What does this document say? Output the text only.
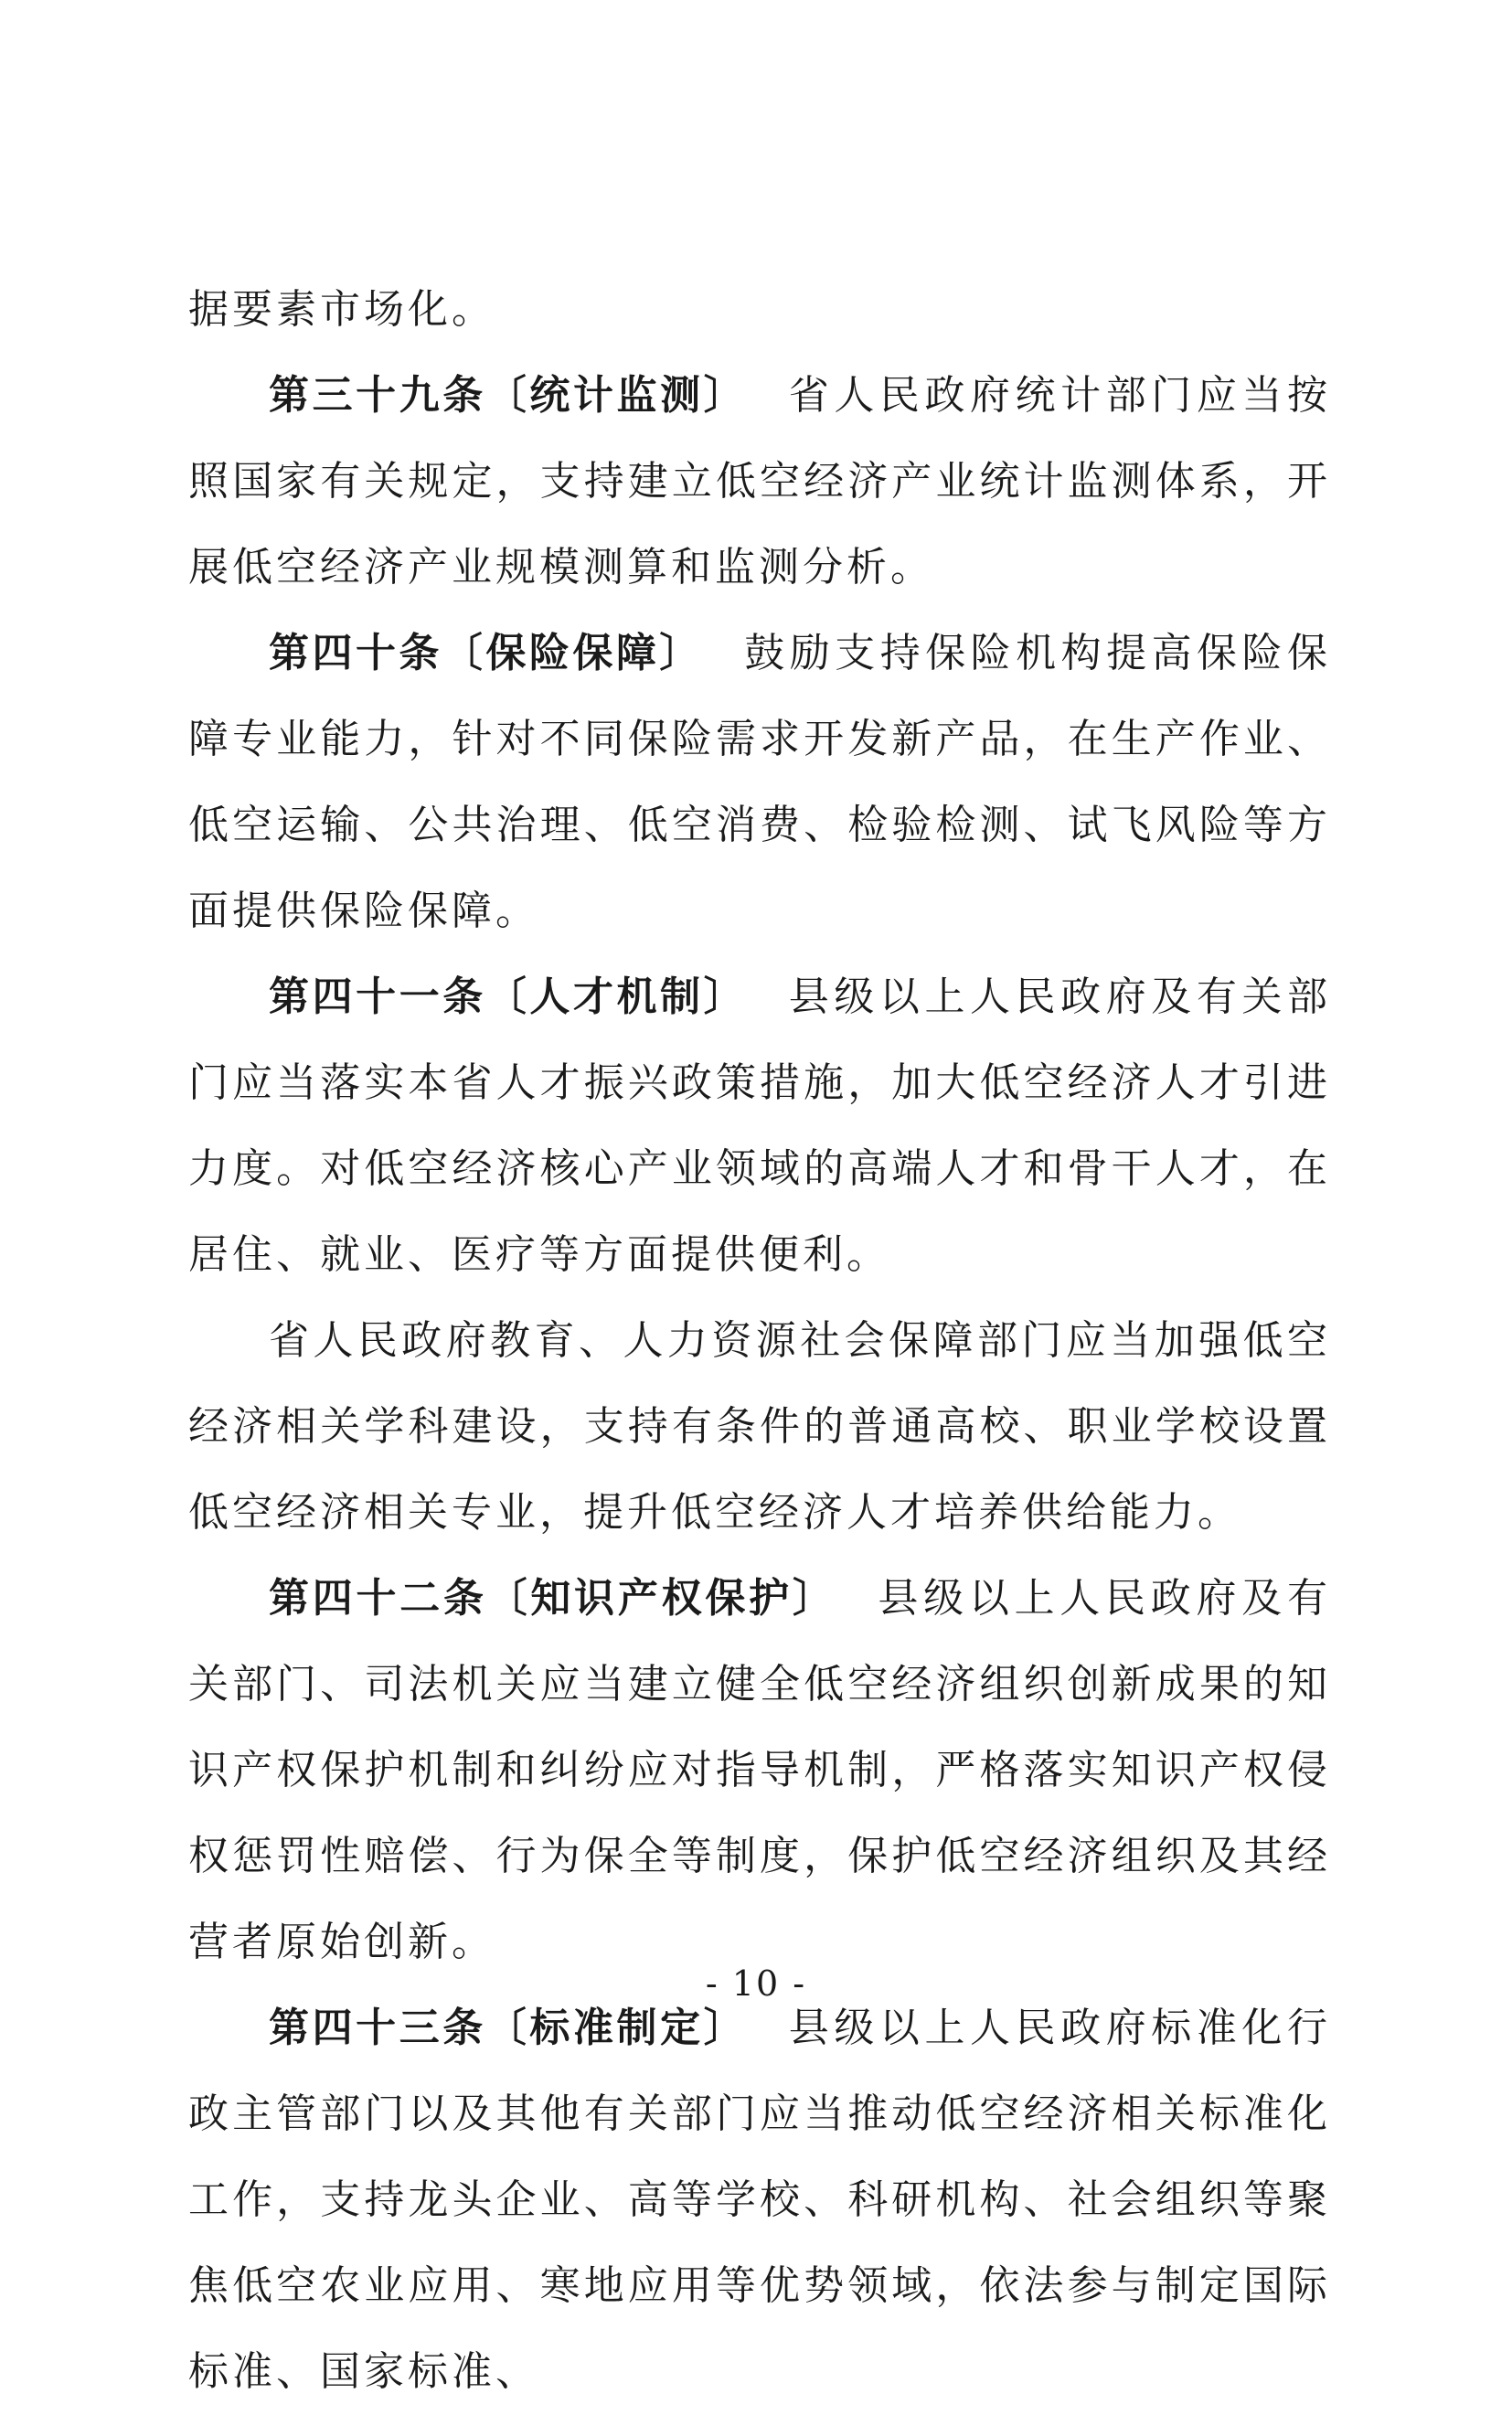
据要素市场化。

第三十九条〔统计监测〕 省人民政府统计部门应当按照国家有关规定，支持建立低空经济产业统计监测体系，开展低空经济产业规模测算和监测分析。

第四十条〔保险保障〕 鼓励支持保险机构提高保险保障专业能力，针对不同保险需求开发新产品，在生产作业、低空运输、公共治理、低空消费、检验检测、试飞风险等方面提供保险保障。

第四十一条〔人才机制〕 县级以上人民政府及有关部门应当落实本省人才振兴政策措施，加大低空经济人才引进力度。对低空经济核心产业领域的高端人才和骨干人才，在居住、就业、医疗等方面提供便利。

省人民政府教育、人力资源社会保障部门应当加强低空经济相关学科建设，支持有条件的普通高校、职业学校设置低空经济相关专业，提升低空经济人才培养供给能力。

第四十二条〔知识产权保护〕 县级以上人民政府及有关部门、司法机关应当建立健全低空经济组织创新成果的知识产权保护机制和纠纷应对指导机制，严格落实知识产权侵权惩罚性赔偿、行为保全等制度，保护低空经济组织及其经营者原始创新。

第四十三条〔标准制定〕 县级以上人民政府标准化行政主管部门以及其他有关部门应当推动低空经济相关标准化工作，支持龙头企业、高等学校、科研机构、社会组织等聚焦低空农业应用、寒地应用等优势领域，依法参与制定国际标准、国家标准、

- 10 -
